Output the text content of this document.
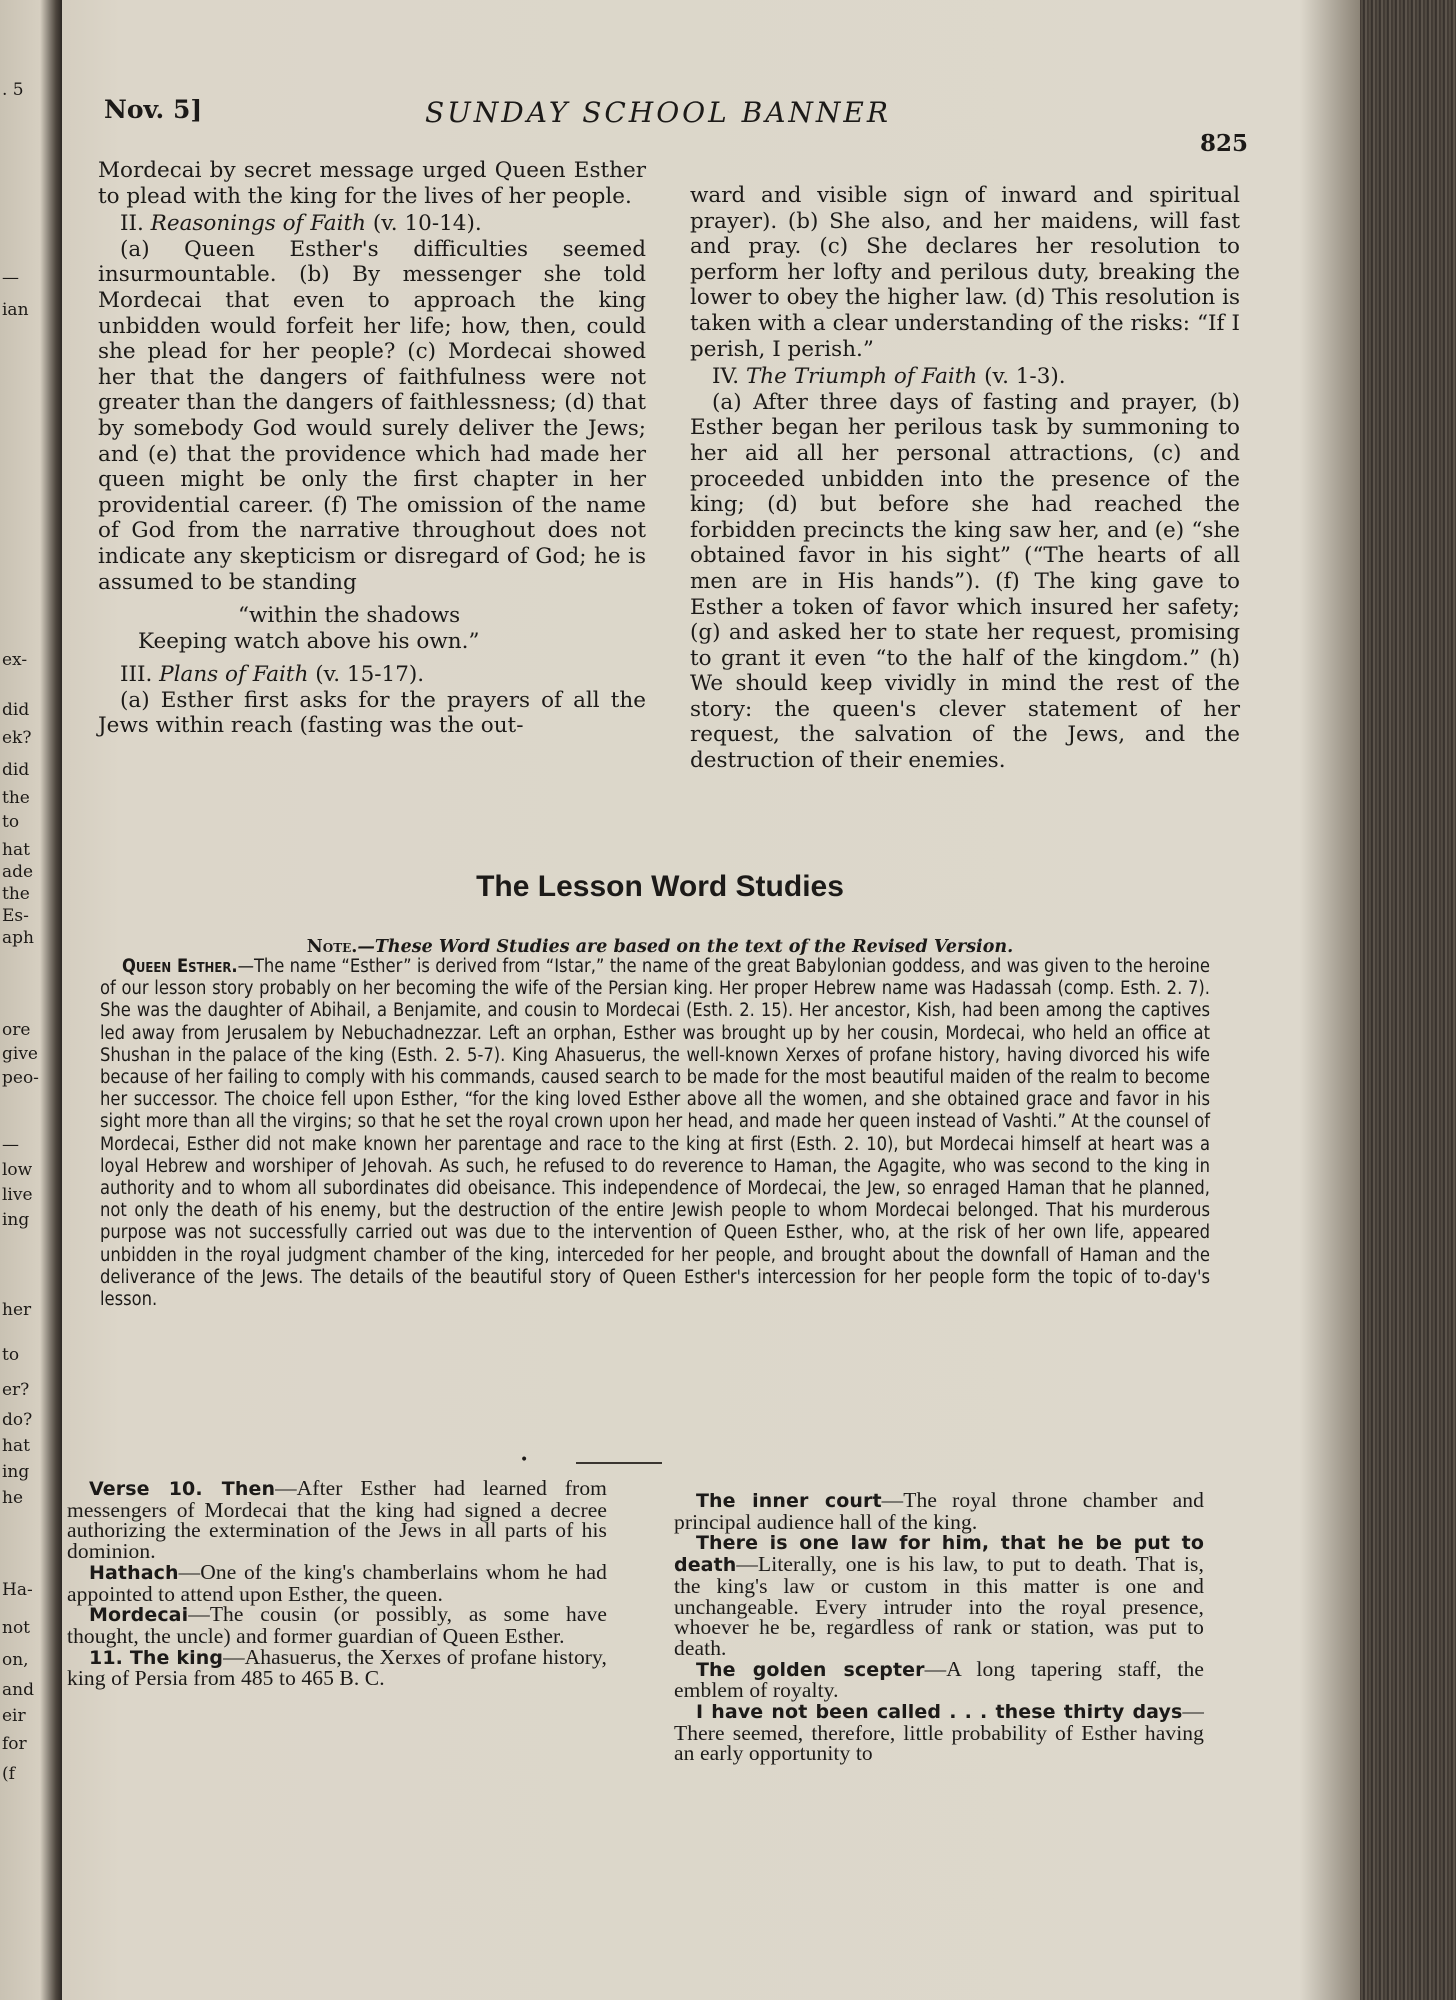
. 5
—
ian
ex-
did
ek?
did
the
to
hat
ade
the
Es-
aph
ore
give
peo-
—
low
live
ing
her
to
er?
do?
hat
ing
he
Ha-
not
on,
and
eir
for
(f
Nov. 5]	SUNDAY SCHOOL BANNER
825

Mordecai by secret message urged Queen Esther to plead with the king for the lives of her people.

II. Reasonings of Faith (v. 10-14).

(a) Queen Esther's difficulties seemed insurmountable. (b) By messenger she told Mordecai that even to approach the king unbidden would forfeit her life; how, then, could she plead for her people? (c) Mordecai showed her that the dangers of faithfulness were not greater than the dangers of faithlessness; (d) that by somebody God would surely deliver the Jews; and (e) that the providence which had made her queen might be only the first chapter in her providential career. (f) The omission of the name of God from the narrative throughout does not indicate any skepticism or disregard of God; he is assumed to be standing

“within the shadows
Keeping watch above his own.”

III. Plans of Faith (v. 15-17).

(a) Esther first asks for the prayers of all the Jews within reach (fasting was the out-

ward and visible sign of inward and spiritual prayer). (b) She also, and her maidens, will fast and pray. (c) She declares her resolution to perform her lofty and perilous duty, breaking the lower to obey the higher law. (d) This resolution is taken with a clear understanding of the risks: “If I perish, I perish.”

IV. The Triumph of Faith (v. 1-3).

(a) After three days of fasting and prayer, (b) Esther began her perilous task by summoning to her aid all her personal attractions, (c) and proceeded unbidden into the presence of the king; (d) but before she had reached the forbidden precincts the king saw her, and (e) “she obtained favor in his sight” (“The hearts of all men are in His hands”). (f) The king gave to Esther a token of favor which insured her safety; (g) and asked her to state her request, promising to grant it even “to the half of the kingdom.” (h) We should keep vividly in mind the rest of the story: the queen's clever statement of her request, the salvation of the Jews, and the destruction of their enemies.

The Lesson Word Studies
Note.—These Word Studies are based on the text of the Revised Version.
Queen Esther.—The name “Esther” is derived from “Istar,” the name of the great Babylonian goddess, and was given to the heroine of our lesson story probably on her becoming the wife of the Persian king. Her proper Hebrew name was Hadassah (comp. Esth. 2. 7). She was the daughter of Abihail, a Benjamite, and cousin to Mordecai (Esth. 2. 15). Her ancestor, Kish, had been among the captives led away from Jerusalem by Nebuchadnezzar. Left an orphan, Esther was brought up by her cousin, Mordecai, who held an office at Shushan in the palace of the king (Esth. 2. 5-7). King Ahasuerus, the well-known Xerxes of profane history, having divorced his wife because of her failing to comply with his commands, caused search to be made for the most beautiful maiden of the realm to become her successor. The choice fell upon Esther, “for the king loved Esther above all the women, and she obtained grace and favor in his sight more than all the virgins; so that he set the royal crown upon her head, and made her queen instead of Vashti.” At the counsel of Mordecai, Esther did not make known her parentage and race to the king at first (Esth. 2. 10), but Mordecai himself at heart was a loyal Hebrew and worshiper of Jehovah. As such, he refused to do reverence to Haman, the Agagite, who was second to the king in authority and to whom all subordinates did obeisance. This independence of Mordecai, the Jew, so enraged Haman that he planned, not only the death of his enemy, but the destruction of the entire Jewish people to whom Mordecai belonged. That his murderous purpose was not successfully carried out was due to the intervention of Queen Esther, who, at the risk of her own life, appeared unbidden in the royal judgment chamber of the king, interceded for her people, and brought about the downfall of Haman and the deliverance of the Jews. The details of the beautiful story of Queen Esther's intercession for her people form the topic of to-day's lesson.
•

Verse 10. Then—After Esther had learned from messengers of Mordecai that the king had signed a decree authorizing the extermination of the Jews in all parts of his dominion.

Hathach—One of the king's chamberlains whom he had appointed to attend upon Esther, the queen.

Mordecai—The cousin (or possibly, as some have thought, the uncle) and former guardian of Queen Esther.

11. The king—Ahasuerus, the Xerxes of profane history, king of Persia from 485 to 465 B. C.

The inner court—The royal throne chamber and principal audience hall of the king.

There is one law for him, that he be put to death—Literally, one is his law, to put to death. That is, the king's law or custom in this matter is one and unchangeable. Every intruder into the royal presence, whoever he be, regardless of rank or station, was put to death.

The golden scepter—A long tapering staff, the emblem of royalty.

I have not been called . . . these thirty days—There seemed, therefore, little probability of Esther having an early opportunity to
